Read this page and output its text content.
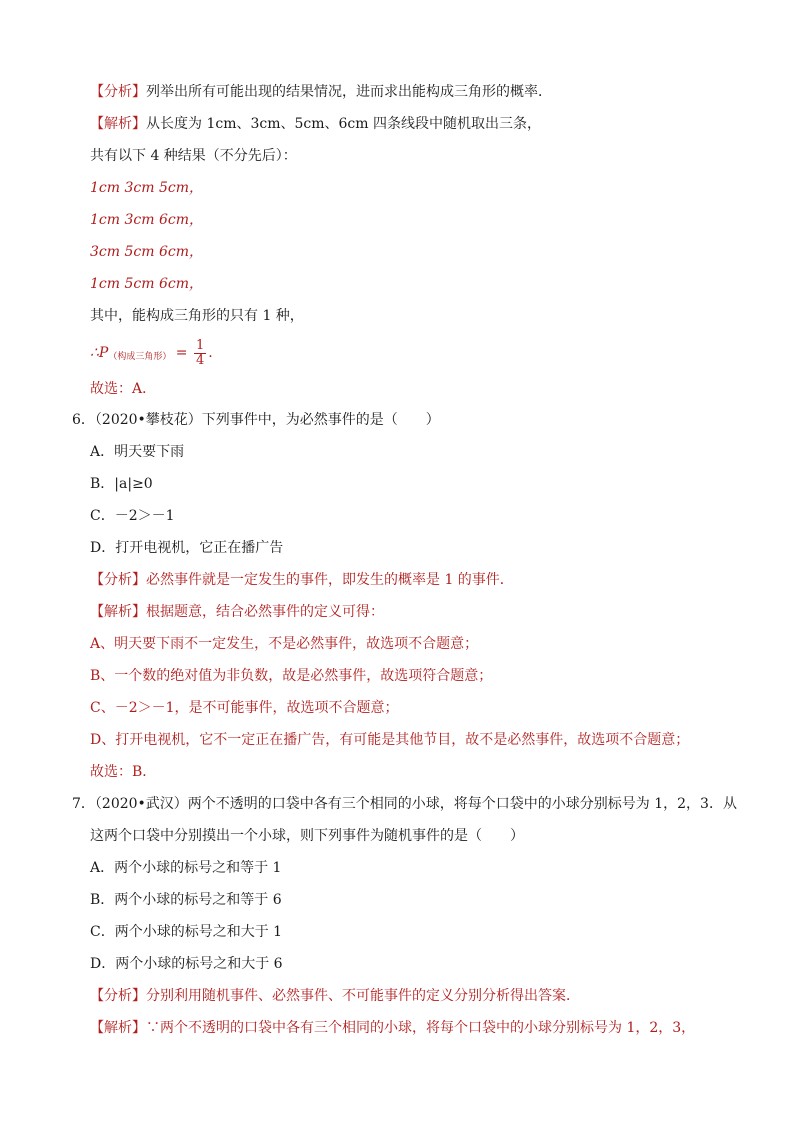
【分析】列举出所有可能出现的结果情况，进而求出能构成三角形的概率．
【解析】从长度为 1cm、3cm、5cm、6cm 四条线段中随机取出三条，
共有以下 4 种结果（不分先后）：
1cm 3cm 5cm，
1cm 3cm 6cm，
3cm 5cm 6cm，
1cm 5cm 6cm，
其中，能构成三角形的只有 1 种，
$\therefore P_{(构成三角形)} = \frac{1}{4}$ .
故选：A．
6．（2020•攀枝花）下列事件中，为必然事件的是（　　）
A．明天要下雨
B．|a|≥0
C．－2＞－1
D．打开电视机，它正在播广告
【分析】必然事件就是一定发生的事件，即发生的概率是 1 的事件．
【解析】根据题意，结合必然事件的定义可得：
A、明天要下雨不一定发生，不是必然事件，故选项不合题意；
B、一个数的绝对值为非负数，故是必然事件，故选项符合题意；
C、－2＞－1，是不可能事件，故选项不合题意；
D、打开电视机，它不一定正在播广告，有可能是其他节目，故不是必然事件，故选项不合题意；
故选：B．
7．（2020•武汉）两个不透明的口袋中各有三个相同的小球，将每个口袋中的小球分别标号为 1，2，3．从
这两个口袋中分别摸出一个小球，则下列事件为随机事件的是（　　）
A．两个小球的标号之和等于 1
B．两个小球的标号之和等于 6
C．两个小球的标号之和大于 1
D．两个小球的标号之和大于 6
【分析】分别利用随机事件、必然事件、不可能事件的定义分别分析得出答案．
【解析】∵两个不透明的口袋中各有三个相同的小球，将每个口袋中的小球分别标号为 1，2，3，
